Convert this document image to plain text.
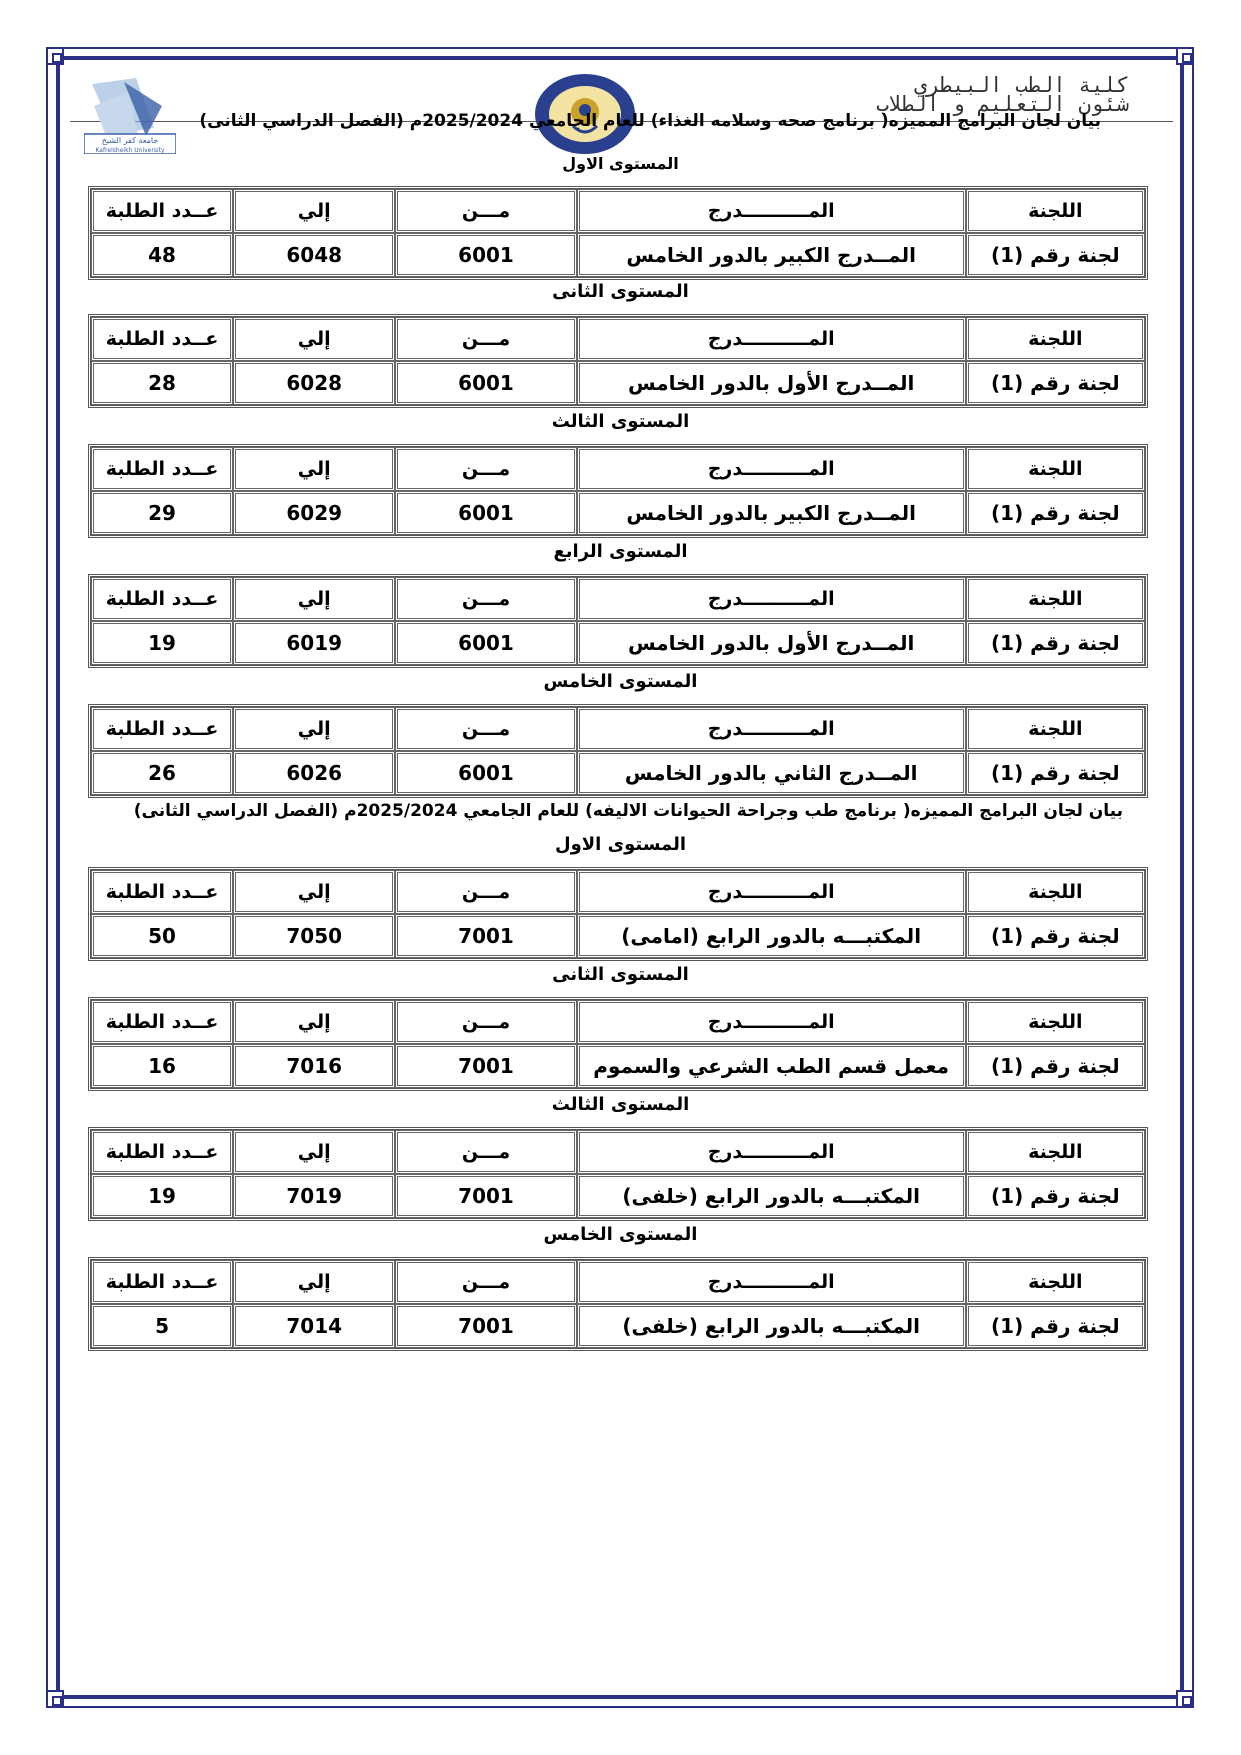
كلية الطب البيطري
شئون التعليم و الطلاب
جامعة كفر الشيخ
Kafrelsheikh University
بيان لجان البرامج المميزه( برنامج صحه وسلامه الغذاء) للعام الجامعي 2025/2024م (الفصل الدراسي الثانى)
المستوى الاول
اللجنة	المــــــــــدرج	مـــن	إلي	عــدد الطلبة
لجنة رقم (1)	المــدرج الكبير بالدور الخامس	6001	6048	48
المستوى الثانى
اللجنة	المــــــــــدرج	مـــن	إلي	عــدد الطلبة
لجنة رقم (1)	المــدرج الأول بالدور الخامس	6001	6028	28
المستوى الثالث
اللجنة	المــــــــــدرج	مـــن	إلي	عــدد الطلبة
لجنة رقم (1)	المــدرج الكبير بالدور الخامس	6001	6029	29
المستوى الرابع
اللجنة	المــــــــــدرج	مـــن	إلي	عــدد الطلبة
لجنة رقم (1)	المــدرج الأول بالدور الخامس	6001	6019	19
المستوى الخامس
اللجنة	المــــــــــدرج	مـــن	إلي	عــدد الطلبة
لجنة رقم (1)	المــدرج الثاني بالدور الخامس	6001	6026	26
بيان لجان البرامج المميزه( برنامج طب وجراحة الحيوانات الاليفه) للعام الجامعي 2025/2024م (الفصل الدراسي الثانى)
المستوى الاول
اللجنة	المــــــــــدرج	مـــن	إلي	عــدد الطلبة
لجنة رقم (1)	المكتبـــه بالدور الرابع (امامى)	7001	7050	50
المستوى الثانى
اللجنة	المــــــــــدرج	مـــن	إلي	عــدد الطلبة
لجنة رقم (1)	معمل قسم الطب الشرعي والسموم	7001	7016	16
المستوى الثالث
اللجنة	المــــــــــدرج	مـــن	إلي	عــدد الطلبة
لجنة رقم (1)	المكتبـــه بالدور الرابع (خلفى)	7001	7019	19
المستوى الخامس
اللجنة	المــــــــــدرج	مـــن	إلي	عــدد الطلبة
لجنة رقم (1)	المكتبـــه بالدور الرابع (خلفى)	7001	7014	5
